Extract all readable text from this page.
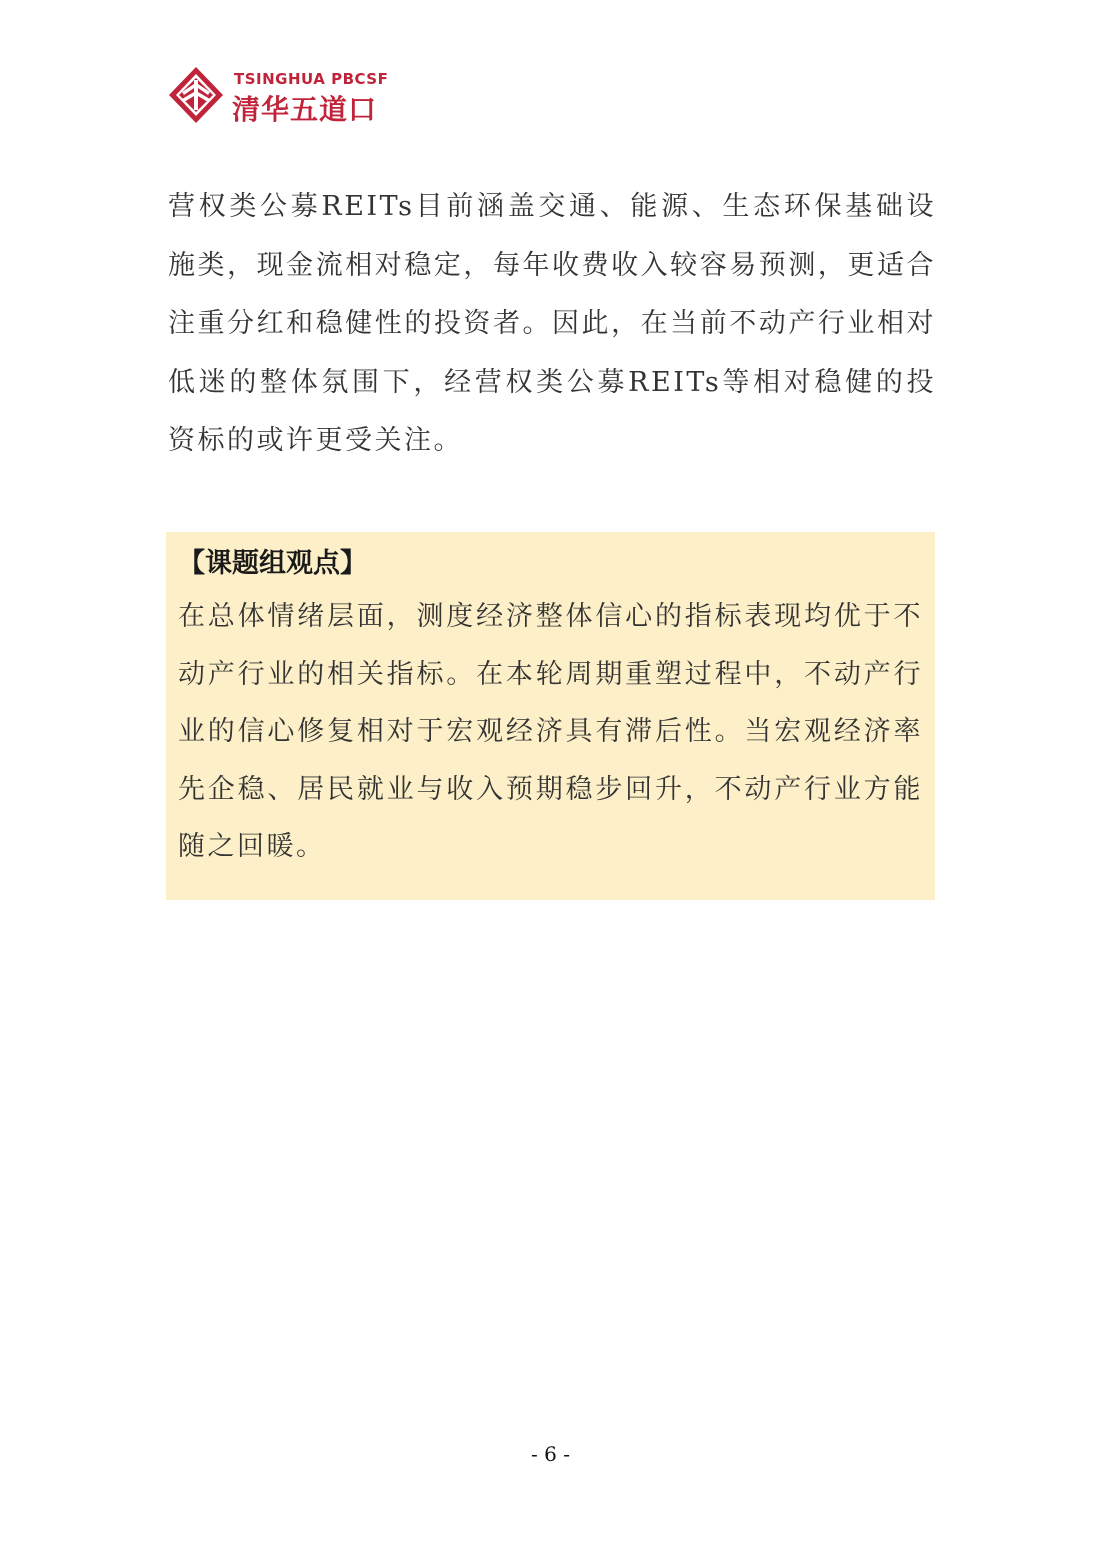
TSINGHUA PBCSF
清华五道口

营权类公募REITs目前涵盖交通、能源、生态环保基础设施类，现金流相对稳定，每年收费收入较容易预测，更适合注重分红和稳健性的投资者。因此，在当前不动产行业相对低迷的整体氛围下，经营权类公募REITs等相对稳健的投资标的或许更受关注。

【课题组观点】

在总体情绪层面，测度经济整体信心的指标表现均优于不动产行业的相关指标。在本轮周期重塑过程中，不动产行业的信心修复相对于宏观经济具有滞后性。当宏观经济率先企稳、居民就业与收入预期稳步回升，不动产行业方能随之回暖。

- 6 -
